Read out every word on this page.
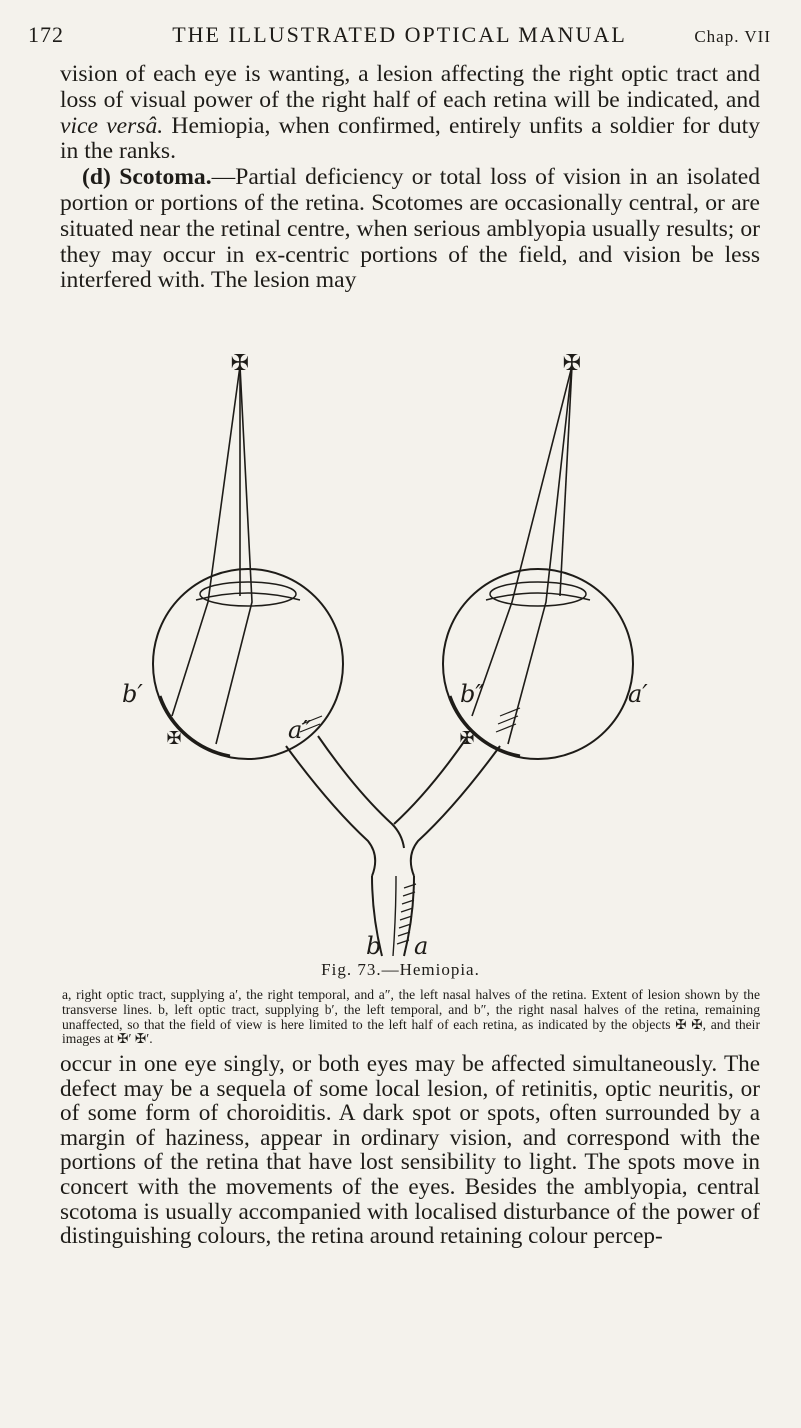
172	THE ILLUSTRATED OPTICAL MANUAL	Chap. VII

vision of each eye is wanting, a lesion affecting the right optic tract and loss of visual power of the right half of each retina will be indicated, and vice versâ. Hemiopia, when confirmed, entirely unfits a soldier for duty in the ranks.

(d) Scotoma.—Partial deficiency or total loss of vision in an isolated portion or portions of the retina. Scotomes are occasionally central, or are situated near the retinal centre, when serious amblyopia usually results; or they may occur in ex-centric portions of the field, and vision be less interfered with. The lesion may

✠	✠
✠	✠
b′
a″
b″	a′
b a
Fig. 73.—Hemiopia.

a, right optic tract, supplying a′, the right temporal, and a″, the left nasal halves of the retina. Extent of lesion shown by the transverse lines. b, left optic tract, supplying b′, the left temporal, and b″, the right nasal halves of the retina, remaining unaffected, so that the field of view is here limited to the left half of each retina, as indicated by the objects ✠ ✠, and their images at ✠′ ✠′.

occur in one eye singly, or both eyes may be affected simultaneously. The defect may be a sequela of some local lesion, of retinitis, optic neuritis, or of some form of choroiditis. A dark spot or spots, often surrounded by a margin of haziness, appear in ordinary vision, and correspond with the portions of the retina that have lost sensibility to light. The spots move in concert with the movements of the eyes. Besides the amblyopia, central scotoma is usually accompanied with localised disturbance of the power of distinguishing colours, the retina around retaining colour percep-
